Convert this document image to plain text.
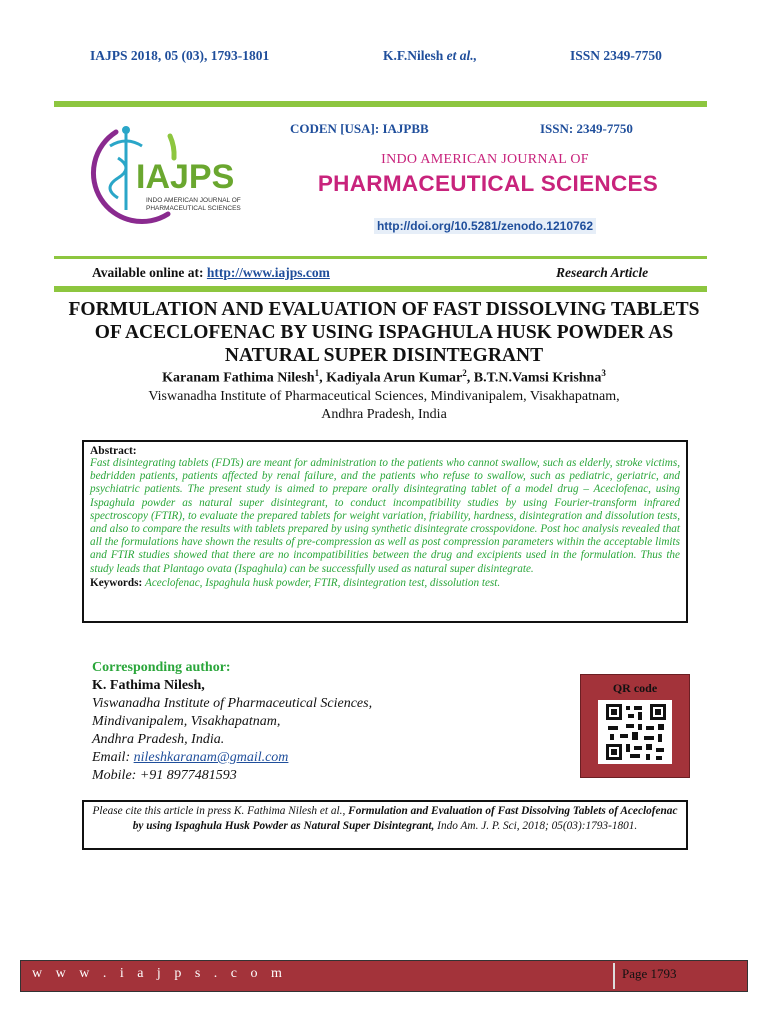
IAJPS 2018, 05 (03), 1793-1801	K.F.Nilesh et al.,	ISSN 2349-7750
IAJPS
INDO AMERICAN JOURNAL OF
PHARMACEUTICAL SCIENCES
CODEN [USA]: IAJPBB	ISSN: 2349-7750
INDO AMERICAN JOURNAL OF
PHARMACEUTICAL SCIENCES
http://doi.org/10.5281/zenodo.1210762
Available online at: http://www.iajps.com	Research Article
FORMULATION AND EVALUATION OF FAST DISSOLVING TABLETS OF ACECLOFENAC BY USING ISPAGHULA HUSK POWDER AS NATURAL SUPER DISINTEGRANT
Karanam Fathima Nilesh$^1$, Kadiyala Arun Kumar$^2$, B.T.N.Vamsi Krishna$^3$
Viswanadha Institute of Pharmaceutical Sciences, Mindivanipalem, Visakhapatnam,
Andhra Pradesh, India
Abstract:
Fast disintegrating tablets (FDTs) are meant for administration to the patients who cannot swallow, such as elderly, stroke victims, bedridden patients, patients affected by renal failure, and the patients who refuse to swallow, such as pediatric, geriatric, and psychiatric patients. The present study is aimed to prepare orally disintegrating tablet of a model drug – Aceclofenac, using Ispaghula powder as natural super disintegrant, to conduct incompatibility studies by using Fourier-transform infrared spectroscopy (FTIR), to evaluate the prepared tablets for weight variation, friability, hardness, disintegration and dissolution tests, and also to compare the results with tablets prepared by using synthetic disintegrate crosspovidone. Post hoc analysis revealed that all the formulations have shown the results of pre-compression as well as post compression parameters within the acceptable limits and FTIR studies showed that there are no incompatibilities between the drug and excipients used in the formulation. Thus the study leads that Plantago ovata (Ispaghula) can be successfully used as natural super disintegrate.
Keywords: Aceclofenac, Ispaghula husk powder, FTIR, disintegration test, dissolution test.
Corresponding author:
K. Fathima Nilesh,
Viswanadha Institute of Pharmaceutical Sciences,
Mindivanipalem, Visakhapatnam,
Andhra Pradesh, India.
Email: nileshkaranam@gmail.com
Mobile: +91 8977481593
QR code
Please cite this article in press K. Fathima Nilesh et al., Formulation and Evaluation of Fast Dissolving Tablets of Aceclofenac by using Ispaghula Husk Powder as Natural Super Disintegrant, Indo Am. J. P. Sci, 2018; 05(03):1793-1801.
w w w . i a j p s . c o m	Page 1793
